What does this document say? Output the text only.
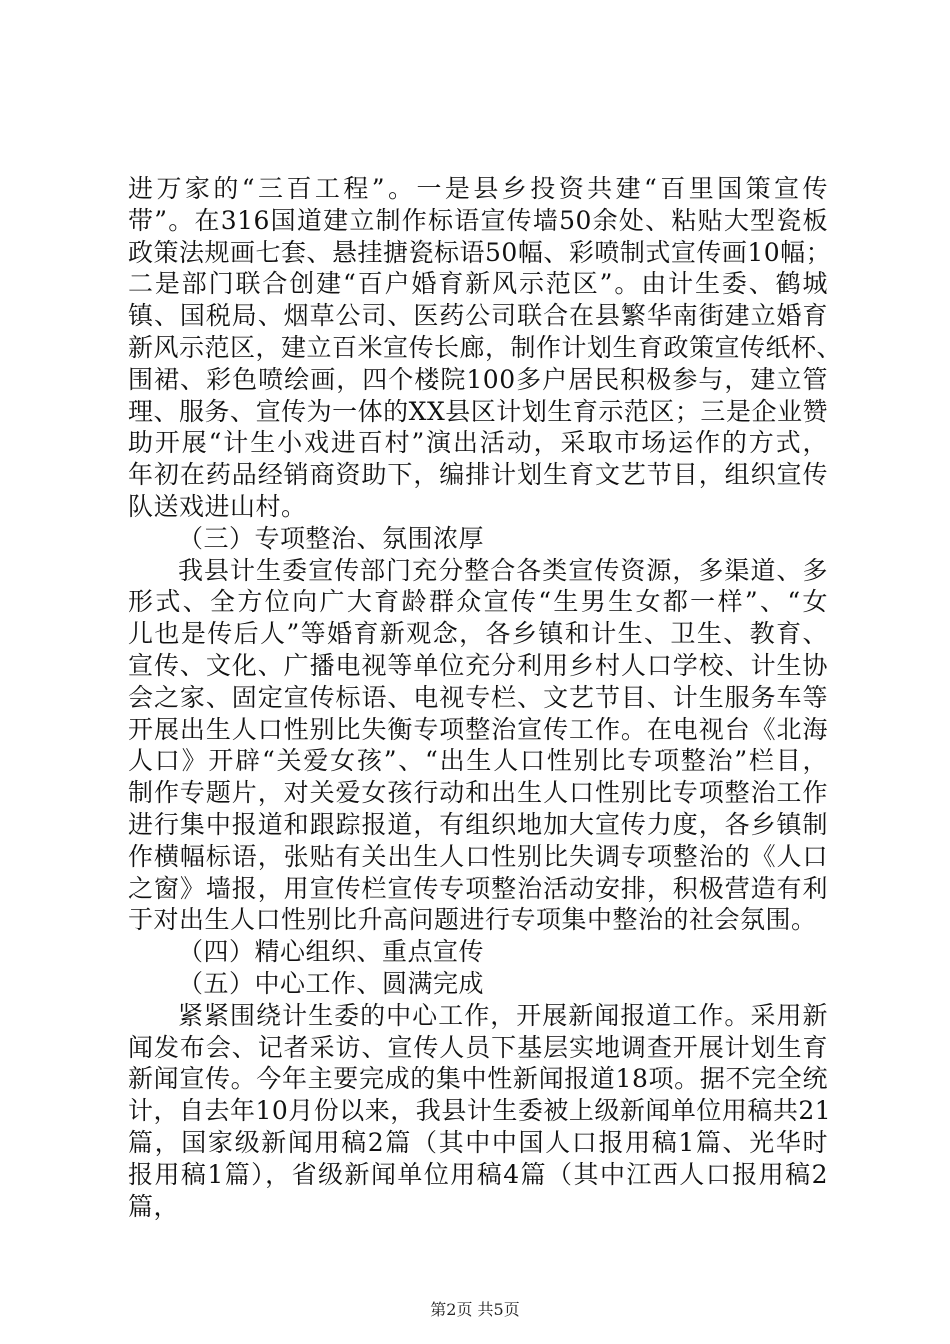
进万家的“三百工程”。一是县乡投资共建“百里国策宣传
带”。在316国道建立制作标语宣传墙50余处、粘贴大型瓷板
政策法规画七套、悬挂搪瓷标语50幅、彩喷制式宣传画10幅；
二是部门联合创建“百户婚育新风示范区”。由计生委、鹤城
镇、国税局、烟草公司、医药公司联合在县繁华南街建立婚育
新风示范区，建立百米宣传长廊，制作计划生育政策宣传纸杯、
围裙、彩色喷绘画，四个楼院100多户居民积极参与，建立管
理、服务、宣传为一体的XX县区计划生育示范区；三是企业赞
助开展“计生小戏进百村”演出活动，采取市场运作的方式，
年初在药品经销商资助下，编排计划生育文艺节目，组织宣传
队送戏进山村。
（三）专项整治、氛围浓厚
我县计生委宣传部门充分整合各类宣传资源，多渠道、多
形式、全方位向广大育龄群众宣传“生男生女都一样”、“女
儿也是传后人”等婚育新观念，各乡镇和计生、卫生、教育、
宣传、文化、广播电视等单位充分利用乡村人口学校、计生协
会之家、固定宣传标语、电视专栏、文艺节目、计生服务车等
开展出生人口性别比失衡专项整治宣传工作。在电视台《北海
人口》开辟“关爱女孩”、“出生人口性别比专项整治”栏目，
制作专题片，对关爱女孩行动和出生人口性别比专项整治工作
进行集中报道和跟踪报道，有组织地加大宣传力度，各乡镇制
作横幅标语，张贴有关出生人口性别比失调专项整治的《人口
之窗》墙报，用宣传栏宣传专项整治活动安排，积极营造有利
于对出生人口性别比升高问题进行专项集中整治的社会氛围。
（四）精心组织、重点宣传
（五）中心工作、圆满完成
紧紧围绕计生委的中心工作，开展新闻报道工作。采用新
闻发布会、记者采访、宣传人员下基层实地调查开展计划生育
新闻宣传。今年主要完成的集中性新闻报道18项。据不完全统
计，自去年10月份以来，我县计生委被上级新闻单位用稿共21
篇，国家级新闻用稿2篇（其中中国人口报用稿1篇、光华时
报用稿1篇），省级新闻单位用稿4篇（其中江西人口报用稿2
篇，
第2页 共5页
